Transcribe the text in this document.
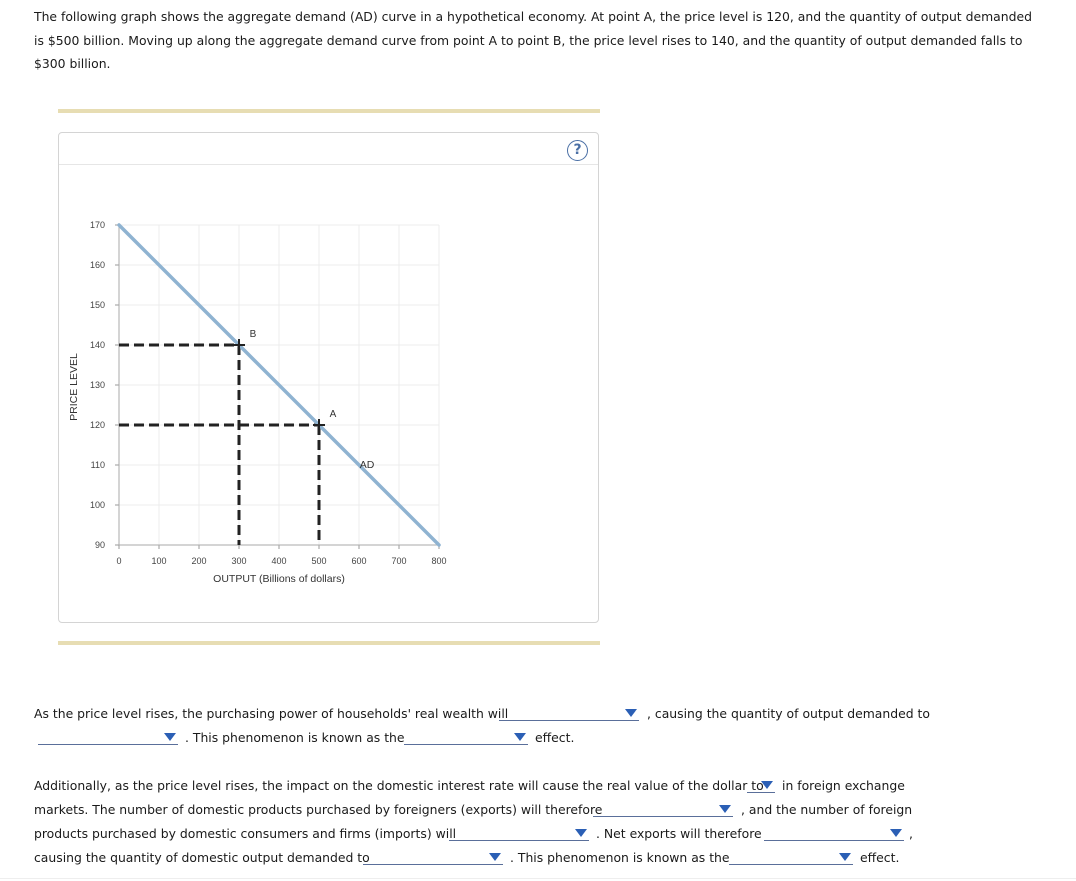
The following graph shows the aggregate demand (AD) curve in a hypothetical economy. At point A, the price level is 120, and the quantity of output demanded is $500 billion. Moving up along the aggregate demand curve from point A to point B, the price level rises to 140, and the quantity of output demanded falls to $300 billion.
?
0	100	200	300	400	500	600	700	800
170
160
150
140
130
120
110
100
90
A
B
AD
OUTPUT (Billions of dollars)
PRICE LEVEL
As the price level rises, the purchasing power of households' real wealth will	, causing the quantity of output demanded to
. This phenomenon is known as the	effect.
Additionally, as the price level rises, the impact on the domestic interest rate will cause the real value of the dollar to in foreign exchange
markets. The number of domestic products purchased by foreigners (exports) will therefore	, and the number of foreign
products purchased by domestic consumers and firms (imports) will	. Net exports will therefore	,
causing the quantity of domestic output demanded to	. This phenomenon is known as the	effect.
